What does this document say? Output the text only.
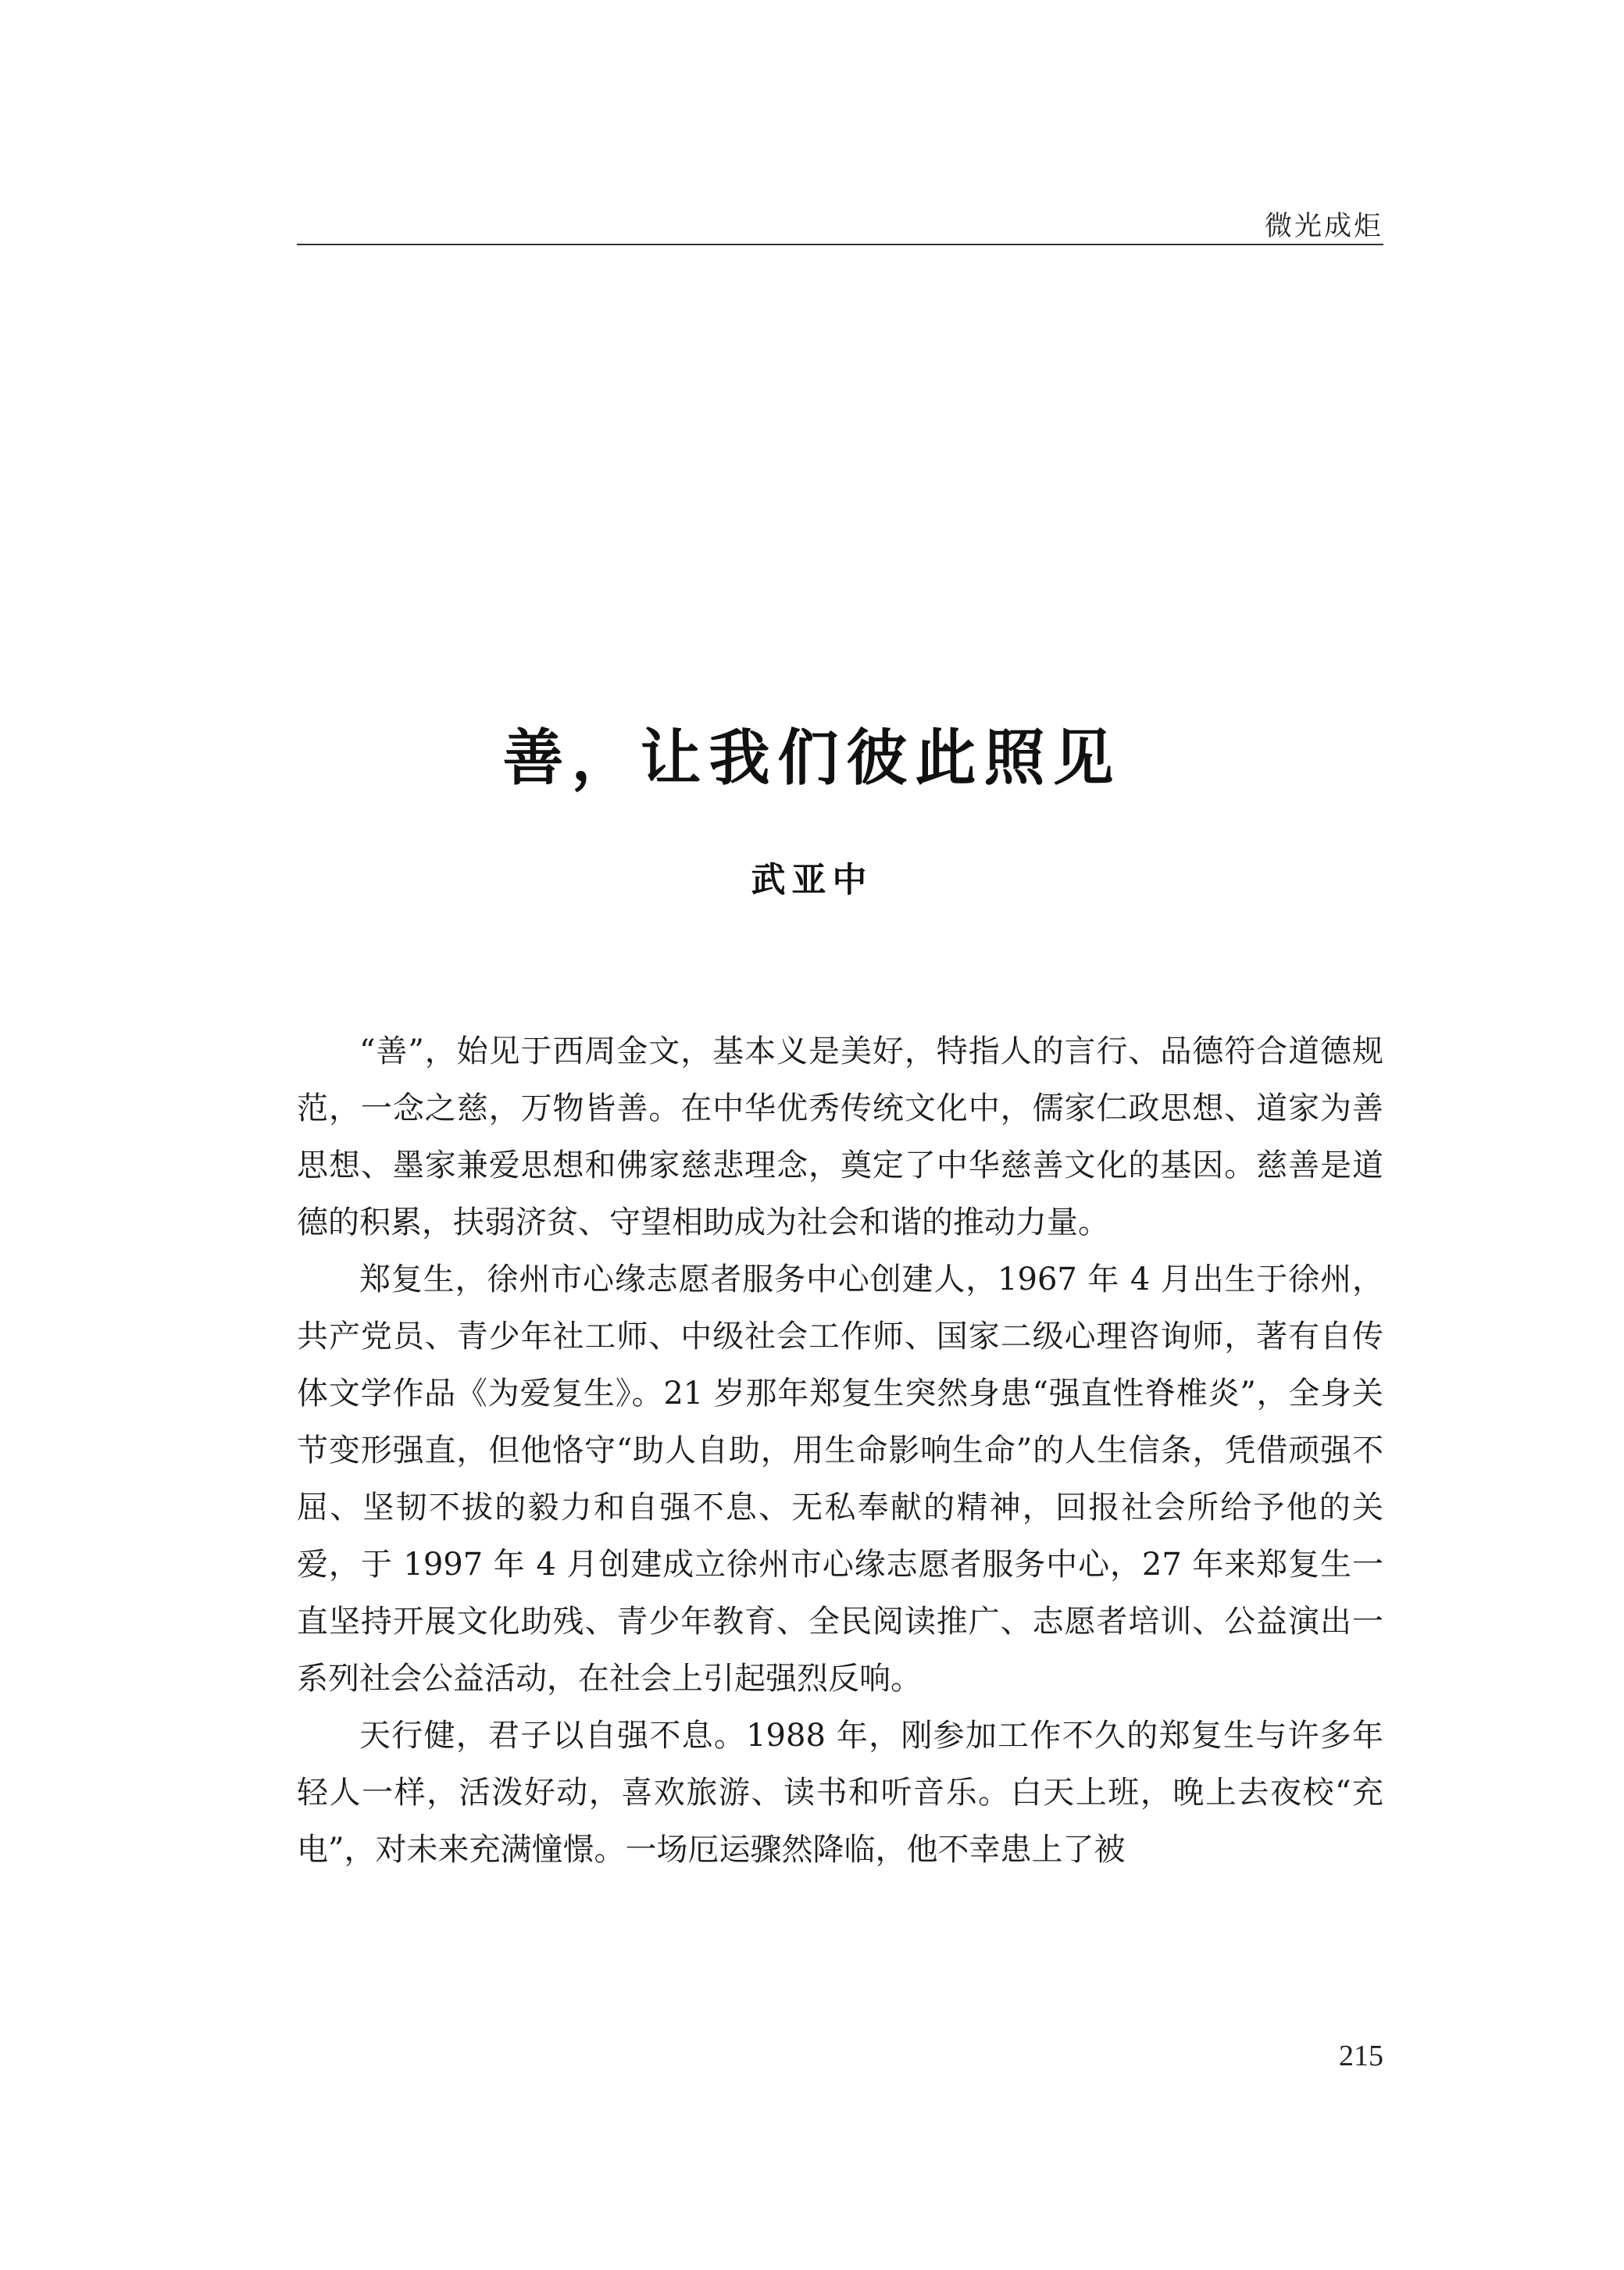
微光成炬
善，让我们彼此照见
武亚中

“善”，始见于西周金文，基本义是美好，特指人的言行、品德符合道德规范，一念之慈，万物皆善。在中华优秀传统文化中，儒家仁政思想、道家为善思想、墨家兼爱思想和佛家慈悲理念，奠定了中华慈善文化的基因。慈善是道德的积累，扶弱济贫、守望相助成为社会和谐的推动力量。

郑复生，徐州市心缘志愿者服务中心创建人，1967 年 4 月出生于徐州，共产党员、青少年社工师、中级社会工作师、国家二级心理咨询师，著有自传体文学作品《为爱复生》。21 岁那年郑复生突然身患“强直性脊椎炎”，全身关节变形强直，但他恪守“助人自助，用生命影响生命”的人生信条，凭借顽强不屈、坚韧不拔的毅力和自强不息、无私奉献的精神，回报社会所给予他的关爱，于 1997 年 4 月创建成立徐州市心缘志愿者服务中心，27 年来郑复生一直坚持开展文化助残、青少年教育、全民阅读推广、志愿者培训、公益演出一系列社会公益活动，在社会上引起强烈反响。

天行健，君子以自强不息。1988 年，刚参加工作不久的郑复生与许多年轻人一样，活泼好动，喜欢旅游、读书和听音乐。白天上班，晚上去夜校“充电”，对未来充满憧憬。一场厄运骤然降临，他不幸患上了被

215
